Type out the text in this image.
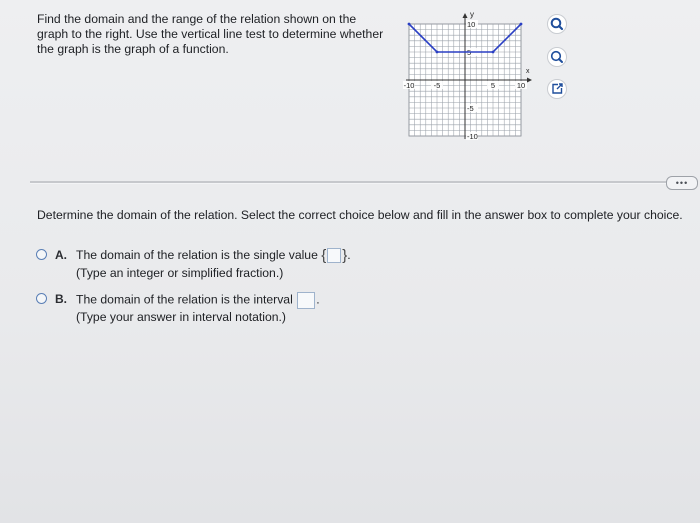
Find the domain and the range of the relation shown on the
graph to the right. Use the vertical line test to determine whether
the graph is the graph of a function.
y
x
-10	-5	5	10
10
5
-5
-10
•••
Determine the domain of the relation. Select the correct choice below and fill in the answer box to complete your choice.
A. The domain of the relation is the single value { }.
(Type an integer or simplified fraction.)
B. The domain of the relation is the interval .
(Type your answer in interval notation.)
